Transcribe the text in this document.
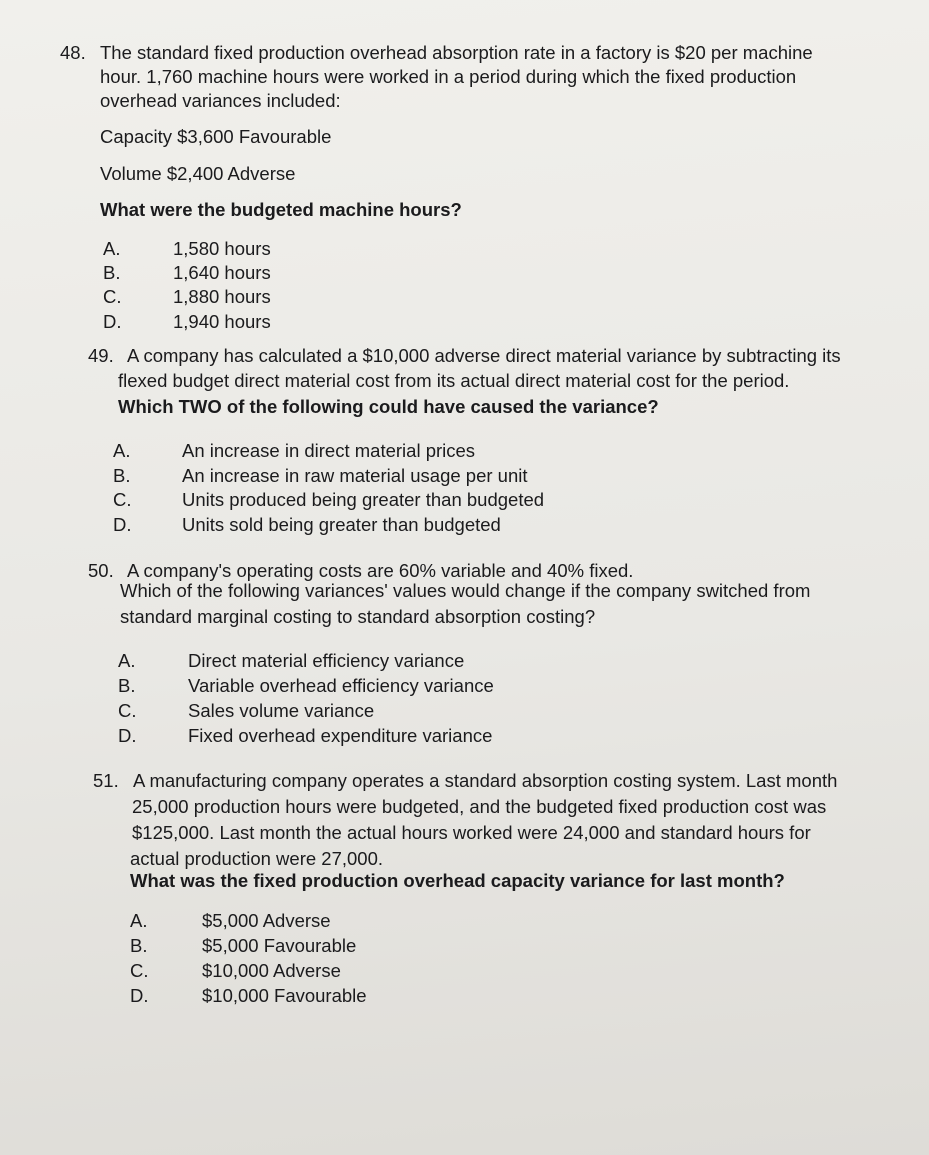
48. The standard fixed production overhead absorption rate in a factory is $20 per machine
hour. 1,760 machine hours were worked in a period during which the fixed production
overhead variances included:
Capacity $3,600 Favourable
Volume $2,400 Adverse
What were the budgeted machine hours?
A.	1,580 hours
B.	1,640 hours
C.	1,880 hours
D.	1,940 hours
49. A company has calculated a $10,000 adverse direct material variance by subtracting its
flexed budget direct material cost from its actual direct material cost for the period.
Which TWO of the following could have caused the variance?
A.	An increase in direct material prices
B.	An increase in raw material usage per unit
C.	Units produced being greater than budgeted
D.	Units sold being greater than budgeted
50. A company's operating costs are 60% variable and 40% fixed.
Which of the following variances' values would change if the company switched from
standard marginal costing to standard absorption costing?
A.	Direct material efficiency variance
B.	Variable overhead efficiency variance
C.	Sales volume variance
D.	Fixed overhead expenditure variance
51. A manufacturing company operates a standard absorption costing system. Last month
25,000 production hours were budgeted, and the budgeted fixed production cost was
$125,000. Last month the actual hours worked were 24,000 and standard hours for
actual production were 27,000.
What was the fixed production overhead capacity variance for last month?
A.	$5,000 Adverse
B.	$5,000 Favourable
C.	$10,000 Adverse
D.	$10,000 Favourable
